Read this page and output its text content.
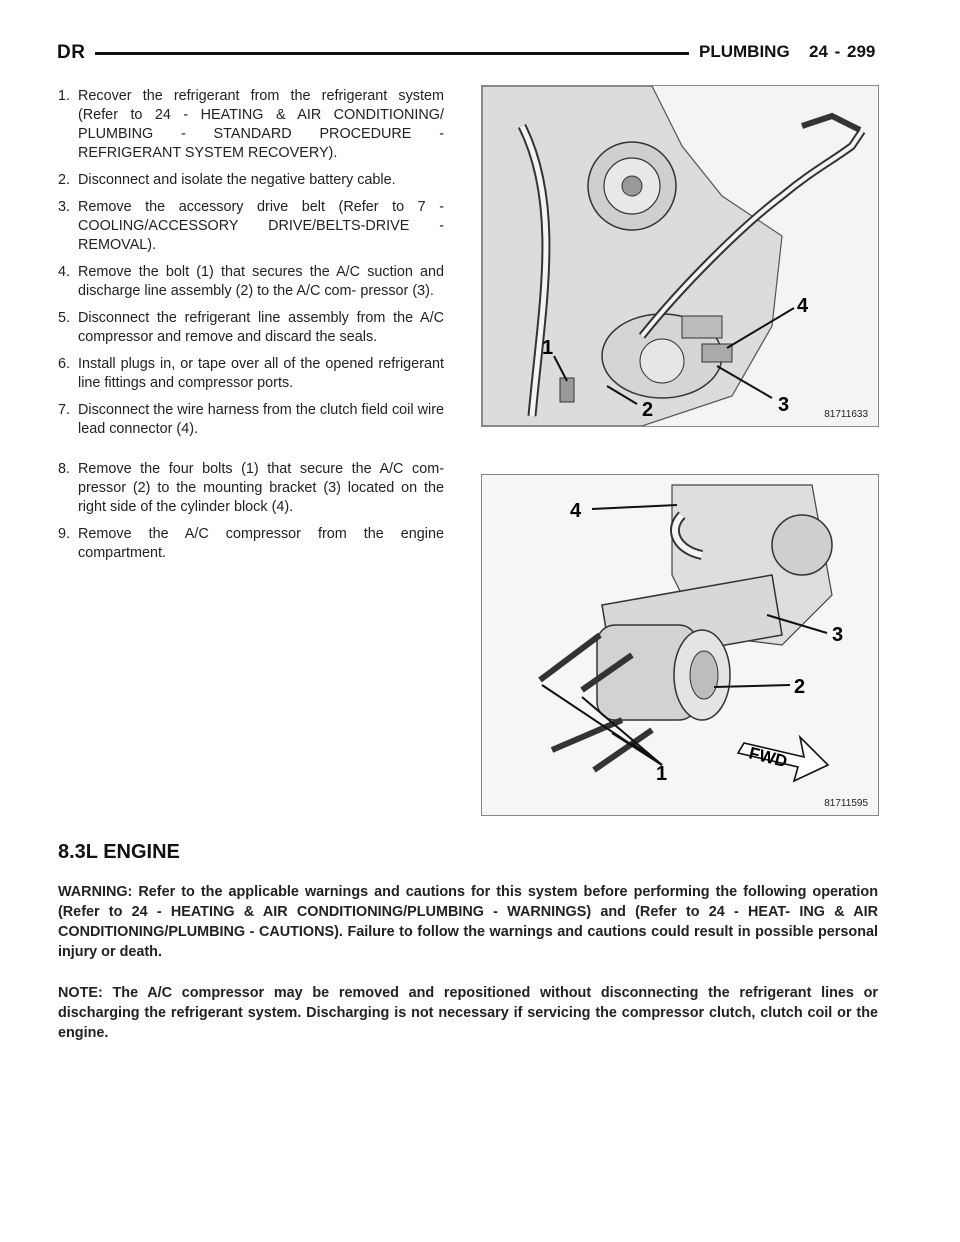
DR	PLUMBING 24 - 299
1. Recover the refrigerant from the refrigerant system (Refer to 24 - HEATING & AIR CONDITIONING/ PLUMBING - STANDARD PROCEDURE - REFRIGERANT SYSTEM RECOVERY).
2. Disconnect and isolate the negative battery cable.
3. Remove the accessory drive belt (Refer to 7 - COOLING/ACCESSORY DRIVE/BELTS-DRIVE - REMOVAL).
4. Remove the bolt (1) that secures the A/C suction and discharge line assembly (2) to the A/C com- pressor (3).
5. Disconnect the refrigerant line assembly from the A/C compressor and remove and discard the seals.
6. Install plugs in, or tape over all of the opened refrigerant line fittings and compressor ports.
7. Disconnect the wire harness from the clutch field coil wire lead connector (4).
8. Remove the four bolts (1) that secure the A/C com- pressor (2) to the mounting bracket (3) located on the right side of the cylinder block (4).
9. Remove the A/C compressor from the engine compartment.
1
2	3
4
81711633
FWD
1
2
3
4
81711595
8.3L ENGINE

WARNING: Refer to the applicable warnings and cautions for this system before performing the following operation (Refer to 24 - HEATING & AIR CONDITIONING/PLUMBING - WARNINGS) and (Refer to 24 - HEAT- ING & AIR CONDITIONING/PLUMBING - CAUTIONS). Failure to follow the warnings and cautions could result in possible personal injury or death.

NOTE: The A/C compressor may be removed and repositioned without disconnecting the refrigerant lines or discharging the refrigerant system. Discharging is not necessary if servicing the compressor clutch, clutch coil or the engine.
